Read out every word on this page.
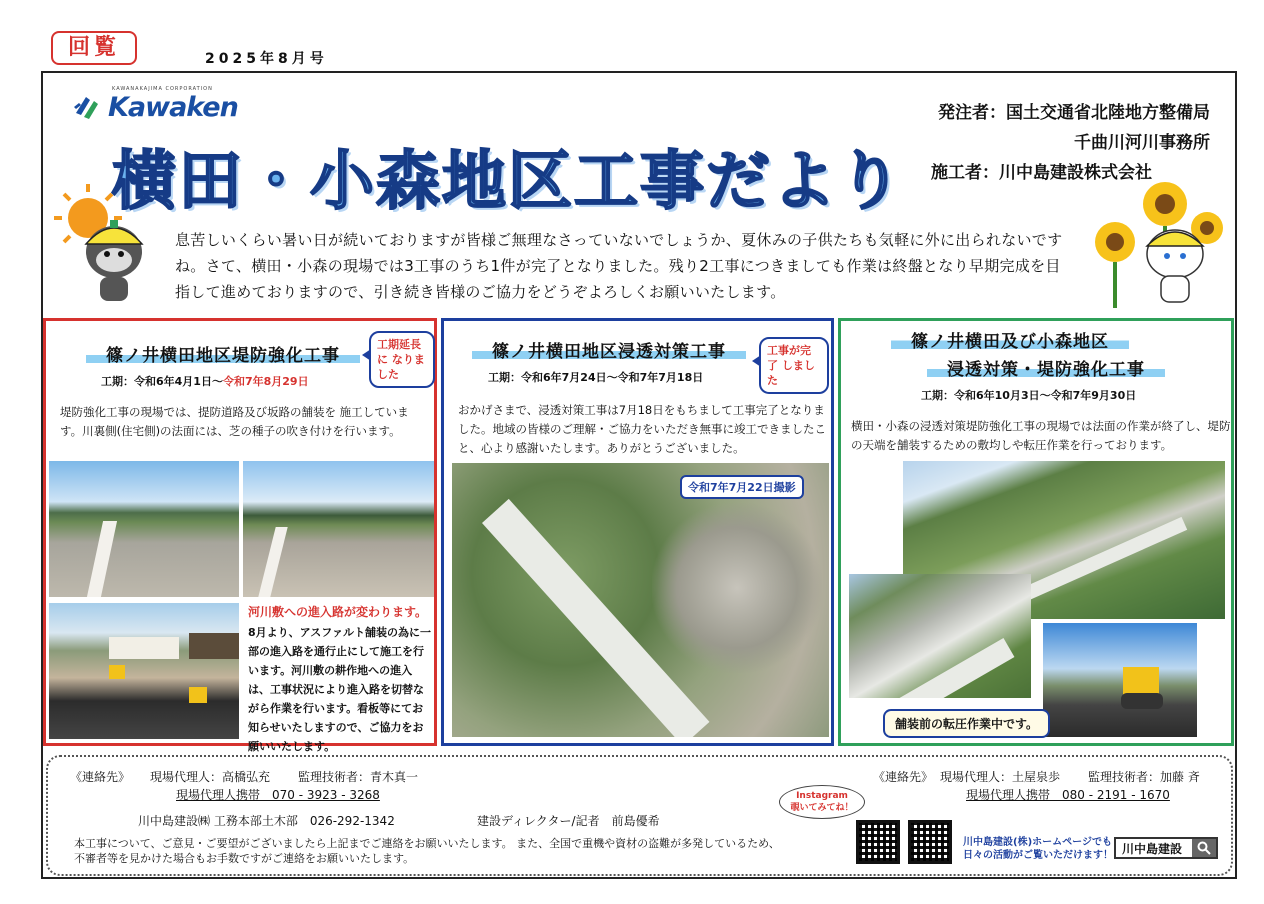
回覧	2025年8月号
Kawaken
KAWANAKAJIMA CORPORATION
横田・小森地区工事だより
発注者：国土交通省北陸地方整備局
千曲川河川事務所
施工者：川中島建設株式会社
息苦しいくらい暑い日が続いておりますが皆様ご無理なさっていないでしょうか、夏休みの子供たちも気軽に外に出られないですね。さて、横田・小森の現場では3工事のうち1件が完了となりました。残り2工事につきましても作業は終盤となり早期完成を目指して進めておりますので、引き続き皆様のご協力をどうぞよろしくお願いいたします。
篠ノ井横田地区堤防強化工事
工期延長に なりました
工期：令和6年4月1日～令和7年8月29日
堤防強化工事の現場では、提防道路及び坂路の舗装を 施工しています。川裏側(住宅側)の法面には、芝の種子の吹き付けを行います。
河川敷への進入路が変わります。
8月より、アスファルト舗装の為に一部の進入路を通行止にして施工を行います。河川敷の耕作地への進入は、工事状況により進入路を切替ながら作業を行います。看板等にてお知らせいたしますので、ご協力をお願いいたします。
篠ノ井横田地区浸透対策工事	工事が完了 しました
工期：令和6年7月24日～令和7年7月18日
おかげさまで、浸透対策工事は7月18日をもちまして工事完了となりました。地域の皆様のご理解・ご協力をいただき無事に竣工できましたこと、心より感謝いたします。ありがとうございました。
令和7年7月22日撮影
篠ノ井横田及び小森地区
浸透対策・堤防強化工事
工期：令和6年10月3日～令和7年9月30日
横田・小森の浸透対策堤防強化工事の現場では法面の作業が終了し、堤防の天端を舗装するための敷均しや転圧作業を行っております。
舗装前の転圧作業中です。
《連絡先》 現場代理人：高橋弘充 監理技術者：青木真一
現場代理人携帯　070 - 3923 - 3268
川中島建設㈱ 工務本部土木部　026-292-1342	建設ディレクター/記者　前島優希
本工事について、ご意見・ご要望がございましたら上記までご連絡をお願いいたします。 また、全国で重機や資材の盗難が多発しているため、
不審者等を見かけた場合もお手数ですがご連絡をお願いいたします。
《連絡先》 現場代理人：土屋泉歩 監理技術者：加藤 斉
現場代理人携帯　080 - 2191 - 1670
Instagram
覗いてみてね！
川中島建設(株)ホームページでも
日々の活動がご覧いただけます！ 川中島建設
